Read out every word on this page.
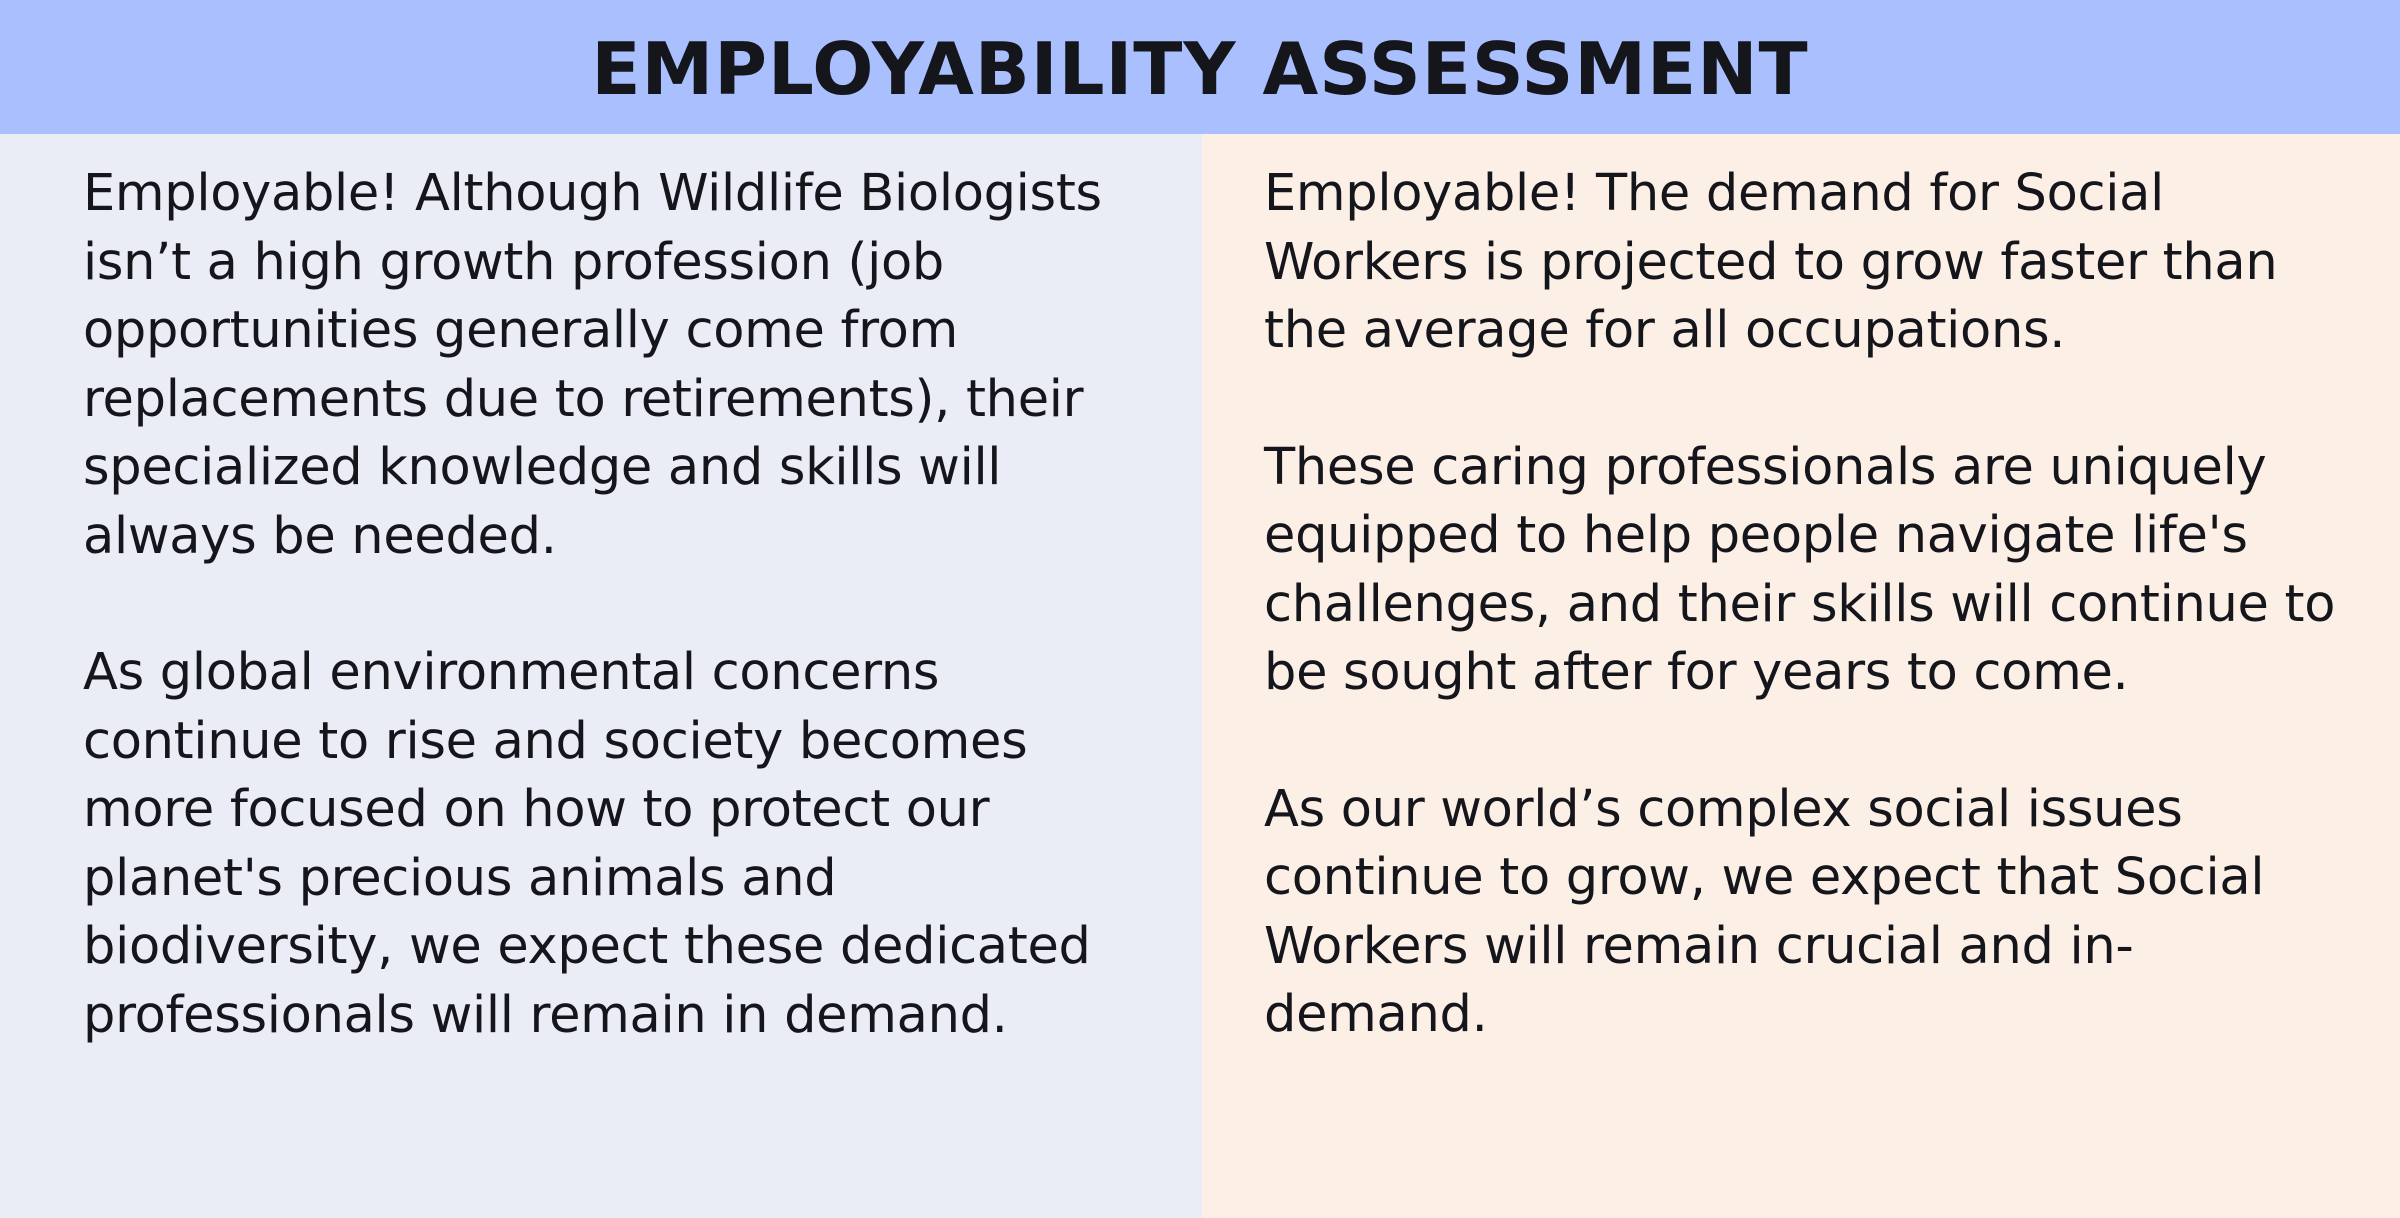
EMPLOYABILITY ASSESSMENT

Employable! Although Wildlife Biologists isn’t a high growth profession (job opportunities generally come from replacements due to retirements), their specialized knowledge and skills will always be needed.

As global environmental concerns continue to rise and society becomes more focused on how to protect our planet's precious animals and biodiversity, we expect these dedicated professionals will remain in demand.

Employable! The demand for Social Workers is projected to grow faster than the average for all occupations.

These caring professionals are uniquely equipped to help people navigate life's challenges, and their skills will continue to be sought after for years to come.

As our world’s complex social issues continue to grow, we expect that Social Workers will remain crucial and in-demand.
